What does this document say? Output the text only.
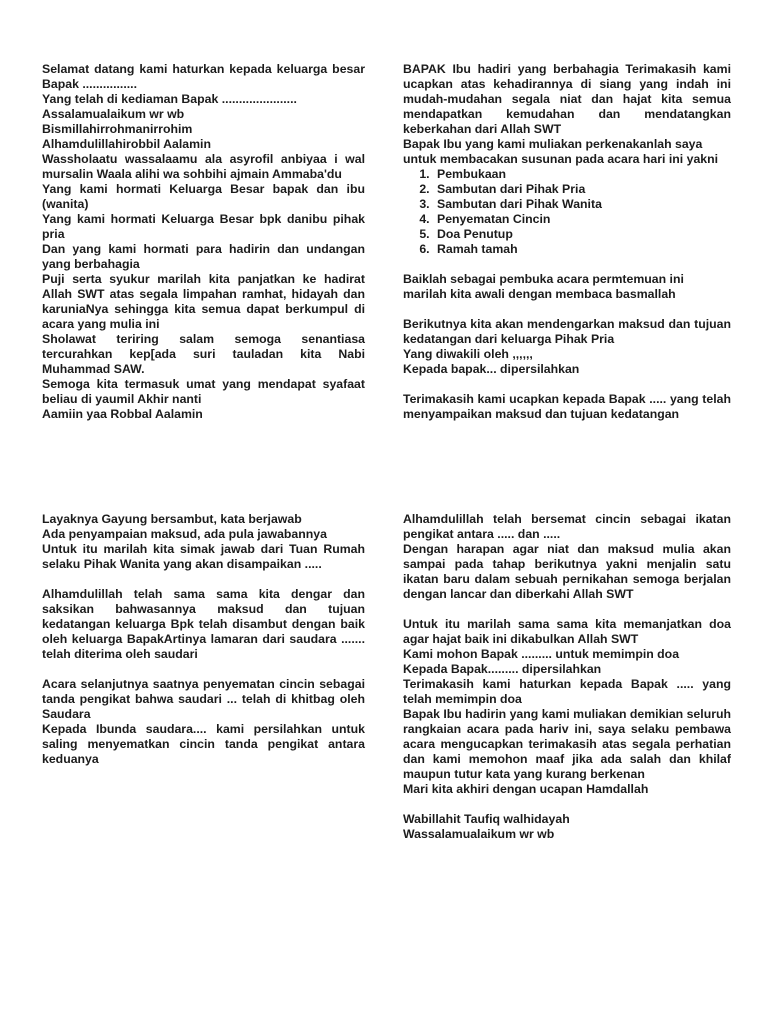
Selamat datang kami haturkan kepada keluarga besar Bapak ................

Yang telah di kediaman Bapak ......................

Assalamualaikum wr wb

Bismillahirrohmanirrohim

Alhamdulillahirobbil Aalamin

Wassholaatu wassalaamu ala asyrofil anbiyaa i wal mursalin Waala alihi wa sohbihi ajmain Ammaba'du

Yang kami hormati Keluarga Besar bapak dan ibu (wanita)

Yang kami hormati Keluarga Besar bpk danibu pihak pria

Dan yang kami hormati para hadirin dan undangan yang berbahagia

Puji serta syukur marilah kita panjatkan ke hadirat Allah SWT atas segala limpahan ramhat, hidayah dan karuniaNya sehingga kita semua dapat berkumpul di acara yang mulia ini

Sholawat teriring salam semoga senantiasa tercurahkan kep[ada suri tauladan kita Nabi Muhammad SAW.

Semoga kita termasuk umat yang mendapat syafaat beliau di yaumil Akhir nanti

Aamiin yaa Robbal Aalamin

BAPAK Ibu hadiri yang berbahagia Terimakasih kami ucapkan atas kehadirannya di siang yang indah ini mudah-mudahan segala niat dan hajat kita semua mendapatkan kemudahan dan mendatangkan keberkahan dari Allah SWT

Bapak Ibu yang kami muliakan perkenakanlah saya

untuk membacakan susunan pada acara hari ini yakni

1. Pembukaan
2. Sambutan dari Pihak Pria
3. Sambutan dari Pihak Wanita
4. Penyematan Cincin
5. Doa Penutup
6. Ramah tamah

Baiklah sebagai pembuka acara permtemuan ini

marilah kita awali dengan membaca basmallah

Berikutnya kita akan mendengarkan maksud dan tujuan kedatangan dari keluarga Pihak Pria

Yang diwakili oleh ,,,,,,

Kepada bapak... dipersilahkan

Terimakasih kami ucapkan kepada Bapak ..... yang telah menyampaikan maksud dan tujuan kedatangan

Layaknya Gayung bersambut, kata berjawab

Ada penyampaian maksud, ada pula jawabannya

Untuk itu marilah kita simak jawab dari Tuan Rumah selaku Pihak Wanita yang akan disampaikan .....

Alhamdulillah telah sama sama kita dengar dan saksikan bahwasannya maksud dan tujuan kedatangan keluarga Bpk telah disambut dengan baik oleh keluarga BapakArtinya lamaran dari saudara ....... telah diterima oleh saudari

Acara selanjutnya saatnya penyematan cincin sebagai tanda pengikat bahwa saudari ... telah di khitbag oleh Saudara

Kepada Ibunda saudara.... kami persilahkan untuk saling menyematkan cincin tanda pengikat antara keduanya

Alhamdulillah telah bersemat cincin sebagai ikatan pengikat antara ..... dan .....

Dengan harapan agar niat dan maksud mulia akan sampai pada tahap berikutnya yakni menjalin satu ikatan baru dalam sebuah pernikahan semoga berjalan dengan lancar dan diberkahi Allah SWT

Untuk itu marilah sama sama kita memanjatkan doa agar hajat baik ini dikabulkan Allah SWT

Kami mohon Bapak ......... untuk memimpin doa

Kepada Bapak......... dipersilahkan

Terimakasih kami haturkan kepada Bapak ..... yang telah memimpin doa

Bapak Ibu hadirin yang kami muliakan demikian seluruh rangkaian acara pada hariv ini, saya selaku pembawa acara mengucapkan terimakasih atas segala perhatian dan kami memohon maaf jika ada salah dan khilaf maupun tutur kata yang kurang berkenan

Mari kita akhiri dengan ucapan Hamdallah

Wabillahit Taufiq walhidayah

Wassalamualaikum wr wb
